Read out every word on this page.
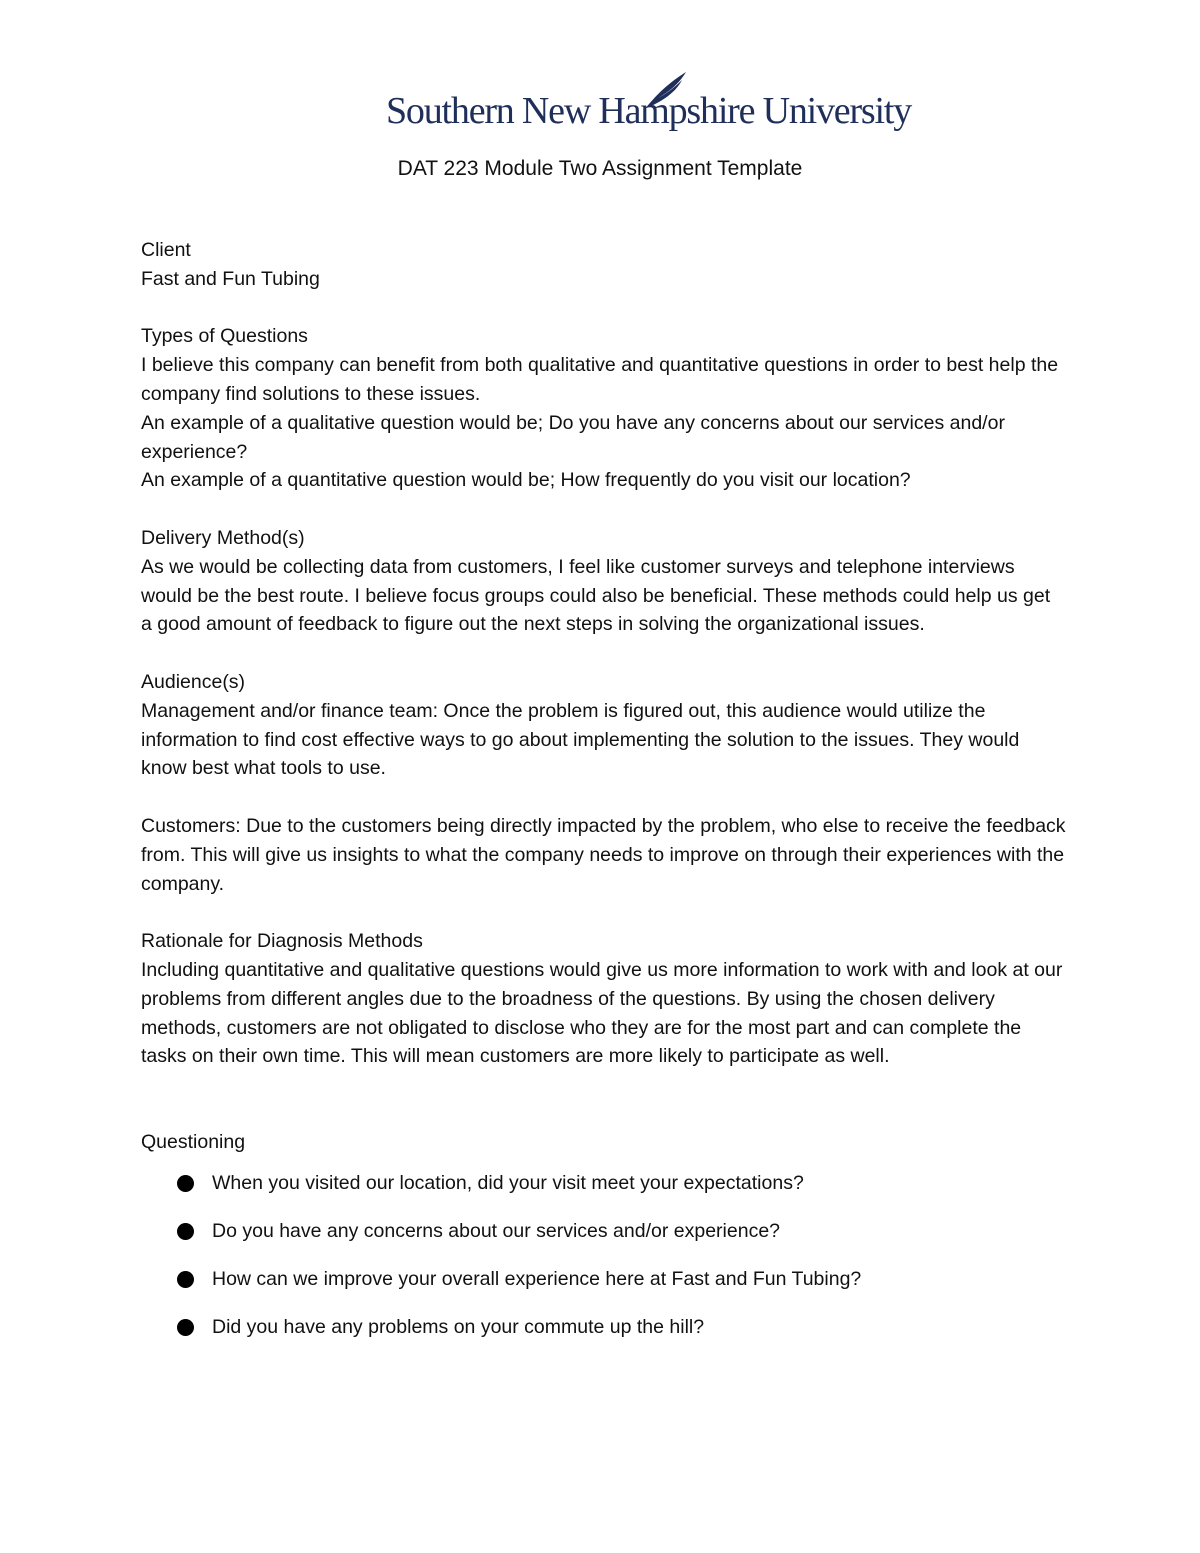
Southern New Hampshire University
DAT 223 Module Two Assignment Template

Client

Fast and Fun Tubing

Types of Questions

I believe this company can benefit from both qualitative and quantitative questions in order to best help the company find solutions to these issues.

An example of a qualitative question would be; Do you have any concerns about our services and/or experience?

An example of a quantitative question would be; How frequently do you visit our location?

Delivery Method(s)

As we would be collecting data from customers, I feel like customer surveys and telephone interviews would be the best route. I believe focus groups could also be beneficial. These methods could help us get a good amount of feedback to figure out the next steps in solving the organizational issues.

Audience(s)

Management and/or finance team: Once the problem is figured out, this audience would utilize the information to find cost effective ways to go about implementing the solution to the issues. They would know best what tools to use.

Customers: Due to the customers being directly impacted by the problem, who else to receive the feedback from. This will give us insights to what the company needs to improve on through their experiences with the company.

Rationale for Diagnosis Methods

Including quantitative and qualitative questions would give us more information to work with and look at our problems from different angles due to the broadness of the questions. By using the chosen delivery methods, customers are not obligated to disclose who they are for the most part and can complete the tasks on their own time. This will mean customers are more likely to participate as well.

Questioning

When you visited our location, did your visit meet your expectations?
Do you have any concerns about our services and/or experience?
How can we improve your overall experience here at Fast and Fun Tubing?
Did you have any problems on your commute up the hill?
